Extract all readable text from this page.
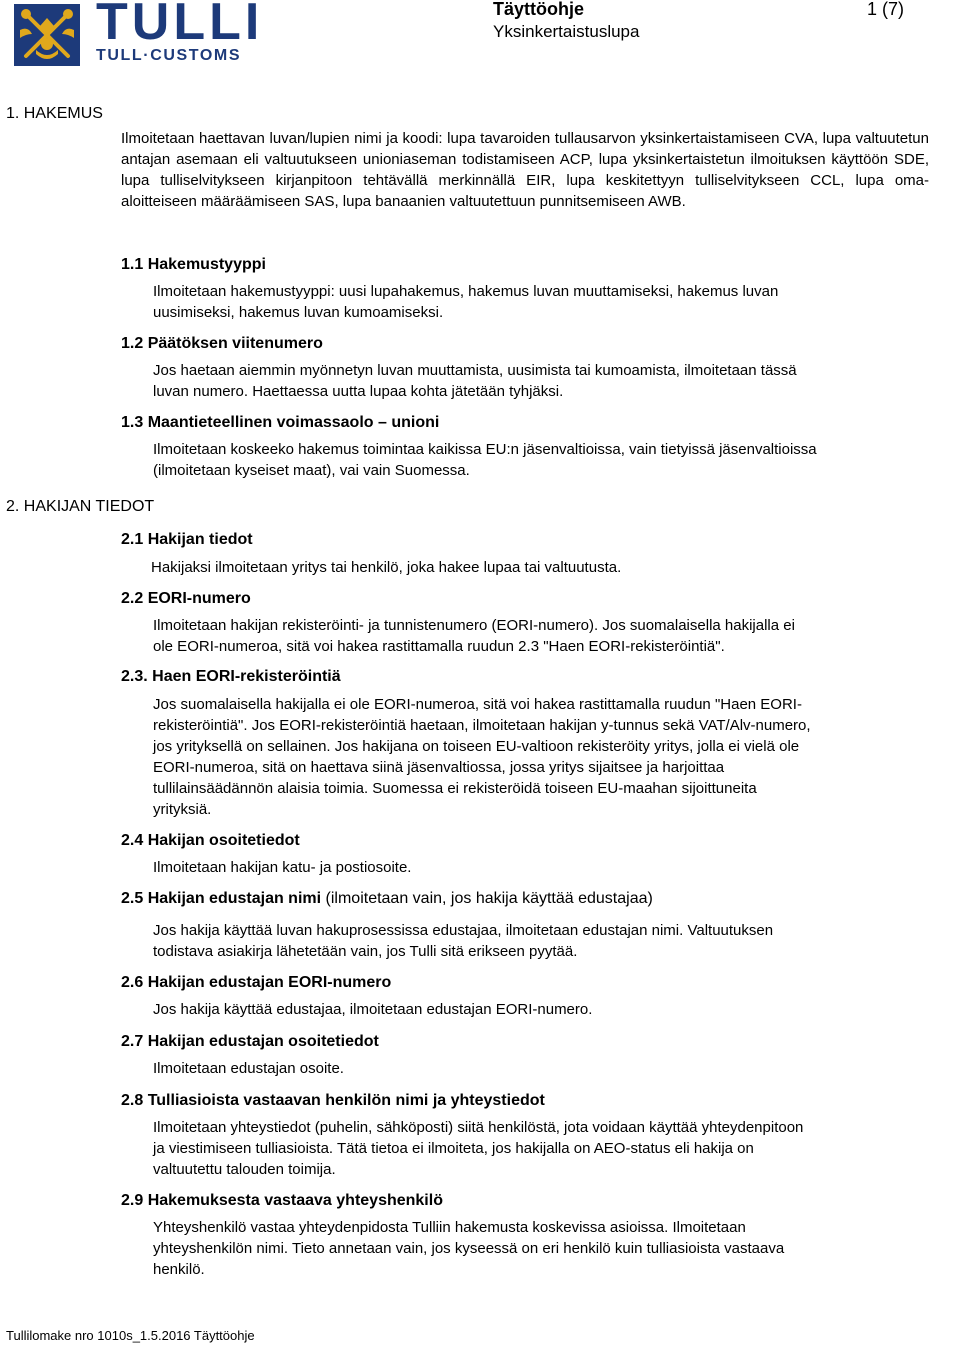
TULLI
TULL·CUSTOMS
Täyttöohje
Yksinkertaistuslupa
1 (7)
1. HAKEMUS
2. HAKIJAN TIEDOT
Ilmoitetaan haettavan luvan/lupien nimi ja koodi: lupa tavaroiden tullausarvon yksinkertaistamiseen CVA, lupa valtuutetun antajan asemaan eli valtuutukseen unioniaseman todistamiseen ACP, lupa yksinkertaistetun ilmoituksen käyttöön SDE, lupa tulliselvitykseen kirjanpitoon tehtävällä merkinnällä EIR, lupa keskitettyyn tulliselvitykseen CCL, lupa oma-aloitteiseen määräämiseen SAS, lupa banaanien valtuutettuun punnitsemiseen AWB.
1.1 Hakemustyyppi
Ilmoitetaan hakemustyyppi: uusi lupahakemus, hakemus luvan muuttamiseksi, hakemus luvan
uusimiseksi, hakemus luvan kumoamiseksi.
1.2 Päätöksen viitenumero
Jos haetaan aiemmin myönnetyn luvan muuttamista, uusimista tai kumoamista, ilmoitetaan tässä
luvan numero. Haettaessa uutta lupaa kohta jätetään tyhjäksi.
1.3 Maantieteellinen voimassaolo – unioni
Ilmoitetaan koskeeko hakemus toimintaa kaikissa EU:n jäsenvaltioissa, vain tietyissä jäsenvaltioissa
(ilmoitetaan kyseiset maat), vai vain Suomessa.
2.1 Hakijan tiedot
Hakijaksi ilmoitetaan yritys tai henkilö, joka hakee lupaa tai valtuutusta.
2.2 EORI-numero
Ilmoitetaan hakijan rekisteröinti- ja tunnistenumero (EORI-numero). Jos suomalaisella hakijalla ei
ole EORI-numeroa, sitä voi hakea rastittamalla ruudun 2.3 "Haen EORI-rekisteröintiä".
2.3. Haen EORI-rekisteröintiä
Jos suomalaisella hakijalla ei ole EORI-numeroa, sitä voi hakea rastittamalla ruudun "Haen EORI-
rekisteröintiä". Jos EORI-rekisteröintiä haetaan, ilmoitetaan hakijan y-tunnus sekä VAT/Alv-numero,
jos yrityksellä on sellainen. Jos hakijana on toiseen EU-valtioon rekisteröity yritys, jolla ei vielä ole
EORI-numeroa, sitä on haettava siinä jäsenvaltiossa, jossa yritys sijaitsee ja harjoittaa
tullilainsäädännön alaisia toimia. Suomessa ei rekisteröidä toiseen EU-maahan sijoittuneita
yrityksiä.
2.4 Hakijan osoitetiedot
Ilmoitetaan hakijan katu- ja postiosoite.
2.5 Hakijan edustajan nimi (ilmoitetaan vain, jos hakija käyttää edustajaa)
Jos hakija käyttää luvan hakuprosessissa edustajaa, ilmoitetaan edustajan nimi. Valtuutuksen
todistava asiakirja lähetetään vain, jos Tulli sitä erikseen pyytää.
2.6 Hakijan edustajan EORI-numero
Jos hakija käyttää edustajaa, ilmoitetaan edustajan EORI-numero.
2.7 Hakijan edustajan osoitetiedot
Ilmoitetaan edustajan osoite.
2.8 Tulliasioista vastaavan henkilön nimi ja yhteystiedot
Ilmoitetaan yhteystiedot (puhelin, sähköposti) siitä henkilöstä, jota voidaan käyttää yhteydenpitoon
ja viestimiseen tulliasioista. Tätä tietoa ei ilmoiteta, jos hakijalla on AEO-status eli hakija on
valtuutettu talouden toimija.
2.9 Hakemuksesta vastaava yhteyshenkilö
Yhteyshenkilö vastaa yhteydenpidosta Tulliin hakemusta koskevissa asioissa. Ilmoitetaan
yhteyshenkilön nimi. Tieto annetaan vain, jos kyseessä on eri henkilö kuin tulliasioista vastaava
henkilö.
Tullilomake nro 1010s_1.5.2016 Täyttöohje
